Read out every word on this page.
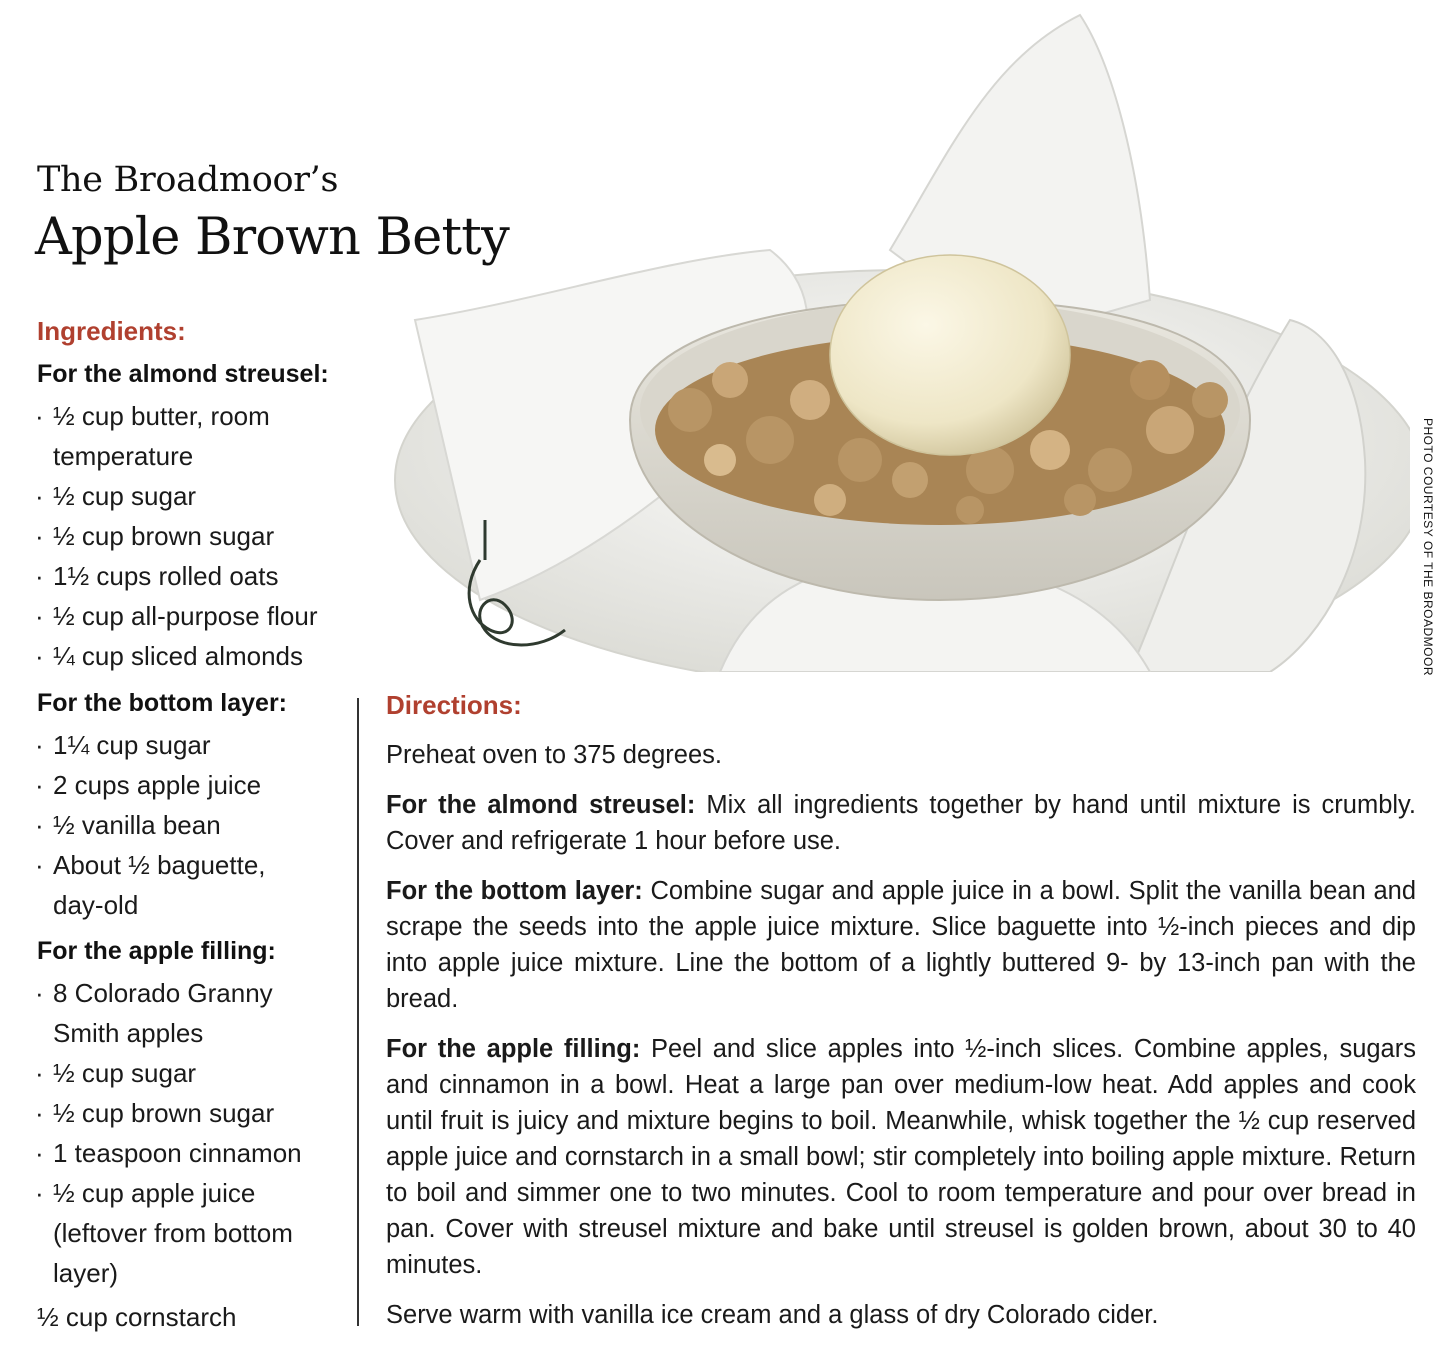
The Broadmoor’s
Apple Brown Betty
PHOTO COURTESY OF THE BROADMOOR
Ingredients:
For the almond streusel:
· ½ cup butter, room temperature
· ½ cup sugar
· ½ cup brown sugar
· 1½ cups rolled oats
· ½ cup all-purpose flour
· ¼ cup sliced almonds
For the bottom layer:
· 1¼ cup sugar
· 2 cups apple juice
· ½ vanilla bean
· About ½ baguette, day-old
For the apple filling:
· 8 Colorado Granny Smith apples
· ½ cup sugar
· ½ cup brown sugar
· 1 teaspoon cinnamon
· ½ cup apple juice (leftover from bottom layer)
½ cup cornstarch
Directions:

Preheat oven to 375 degrees.

For the almond streusel: Mix all ingredients together by hand until mixture is crumbly. Cover and refrigerate 1 hour before use.

For the bottom layer: Combine sugar and apple juice in a bowl. Split the vanilla bean and scrape the seeds into the apple juice mixture. Slice baguette into ½-inch pieces and dip into apple juice mixture. Line the bottom of a lightly buttered 9- by 13-inch pan with the bread.

For the apple filling: Peel and slice apples into ½-inch slices. Combine apples, sugars and cinnamon in a bowl. Heat a large pan over medium-low heat. Add apples and cook until fruit is juicy and mixture begins to boil. Meanwhile, whisk together the ½ cup reserved apple juice and cornstarch in a small bowl; stir completely into boiling apple mixture. Return to boil and simmer one to two minutes. Cool to room temperature and pour over bread in pan. Cover with streusel mixture and bake until streusel is golden brown, about 30 to 40 minutes.

Serve warm with vanilla ice cream and a glass of dry Colorado cider.
